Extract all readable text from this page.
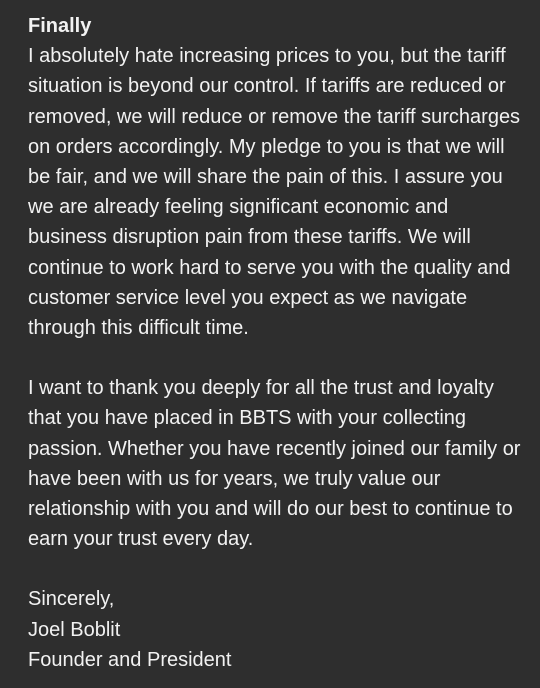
Finally

I absolutely hate increasing prices to you, but the tariff situation is beyond our control. If tariffs are reduced or removed, we will reduce or remove the tariff surcharges on orders accordingly. My pledge to you is that we will be fair, and we will share the pain of this. I assure you we are already feeling significant economic and business disruption pain from these tariffs. We will continue to work hard to serve you with the quality and customer service level you expect as we navigate through this difficult time.

I want to thank you deeply for all the trust and loyalty that you have placed in BBTS with your collecting passion. Whether you have recently joined our family or have been with us for years, we truly value our relationship with you and will do our best to continue to earn your trust every day.

Sincerely,
Joel Boblit
Founder and President
